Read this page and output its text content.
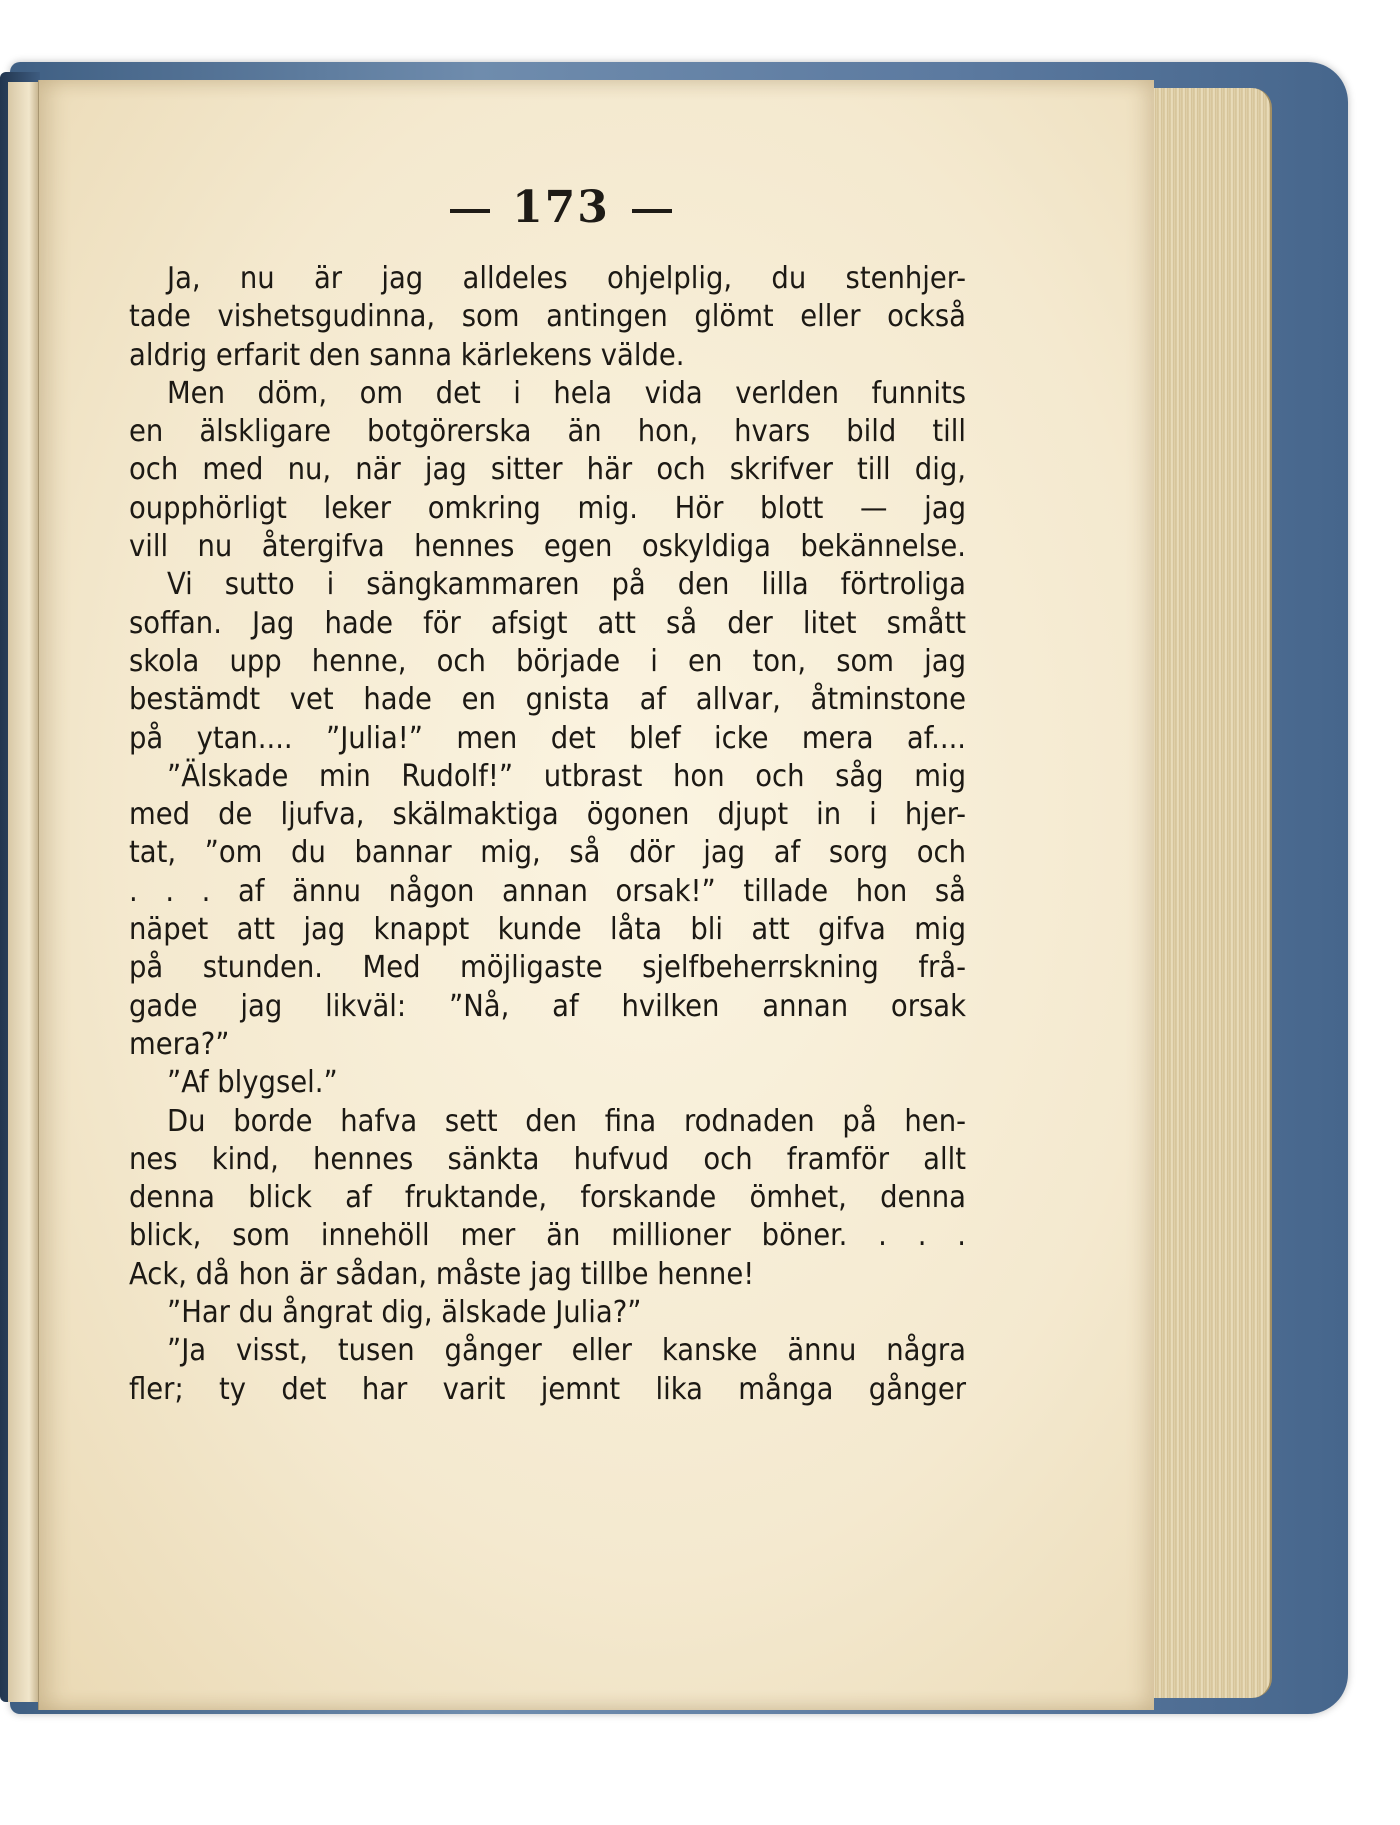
173
Ja, nu är jag alldeles ohjelplig, du stenhjer-
tade vishetsgudinna, som antingen glömt eller också
aldrig erfarit den sanna kärlekens välde.
Men döm, om det i hela vida verlden funnits
en älskligare botgörerska än hon, hvars bild till
och med nu, när jag sitter här och skrifver till dig,
oupphörligt leker omkring mig. Hör blott — jag
vill nu återgifva hennes egen oskyldiga bekännelse.
Vi sutto i sängkammaren på den lilla förtroliga
soffan. Jag hade för afsigt att så der litet smått
skola upp henne, och började i en ton, som jag
bestämdt vet hade en gnista af allvar, åtminstone
på ytan.... ”Julia!” men det blef icke mera af....
”Älskade min Rudolf!” utbrast hon och såg mig
med de ljufva, skälmaktiga ögonen djupt in i hjer-
tat, ”om du bannar mig, så dör jag af sorg och
. . . af ännu någon annan orsak!” tillade hon så
näpet att jag knappt kunde låta bli att gifva mig
på stunden. Med möjligaste sjelfbeherrskning frå-
gade jag likväl: ”Nå, af hvilken annan orsak
mera?”
”Af blygsel.”
Du borde hafva sett den fina rodnaden på hen-
nes kind, hennes sänkta hufvud och framför allt
denna blick af fruktande, forskande ömhet, denna
blick, som innehöll mer än millioner böner. . . .
Ack, då hon är sådan, måste jag tillbe henne!
”Har du ångrat dig, älskade Julia?”
”Ja visst, tusen gånger eller kanske ännu några
fler; ty det har varit jemnt lika många gånger
